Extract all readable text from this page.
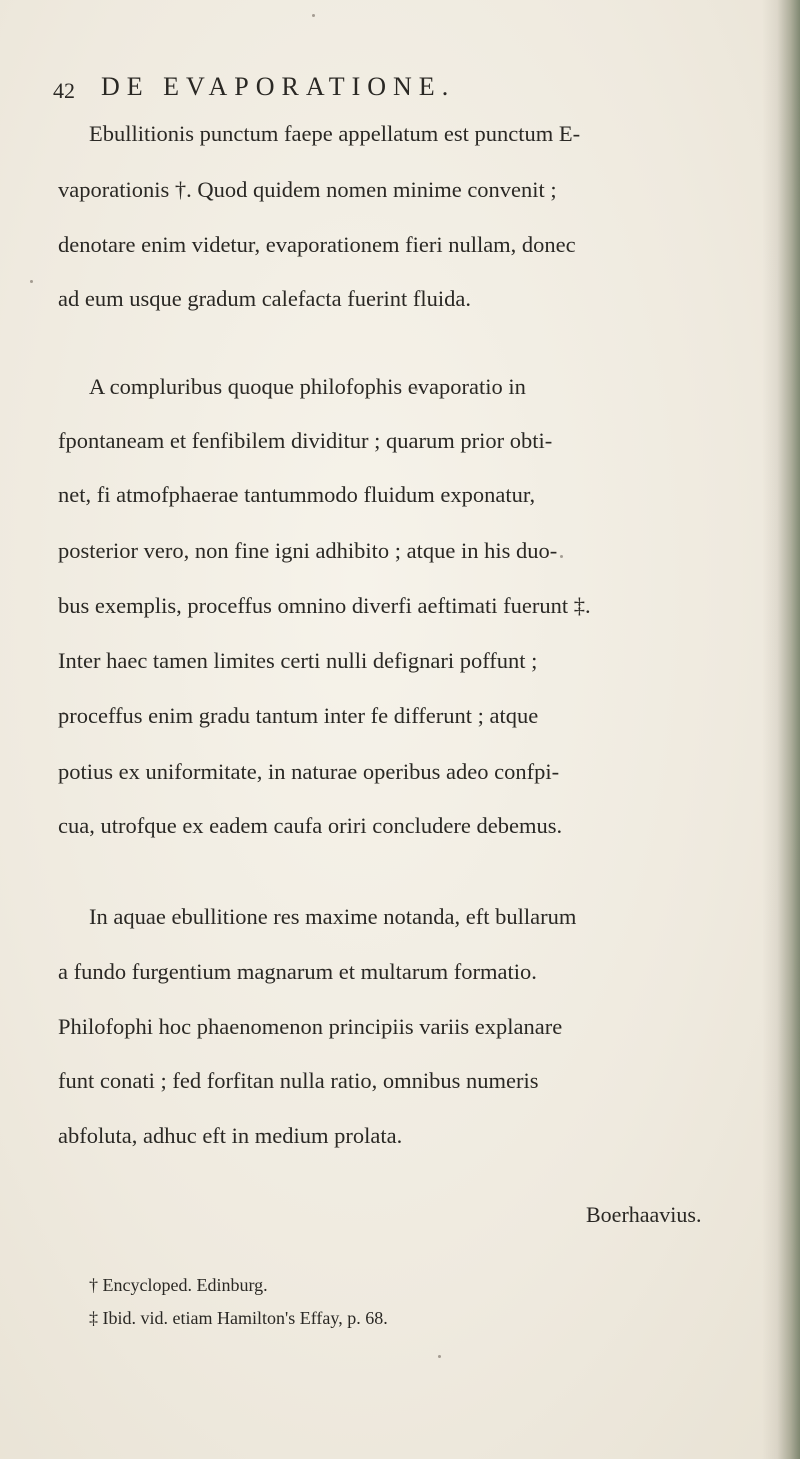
42 DE EVAPORATIONE.
Ebullitionis punctum faepe appellatum est punctum E-
vaporationis †. Quod quidem nomen minime convenit ;
denotare enim videtur, evaporationem fieri nullam, donec
ad eum usque gradum calefacta fuerint fluida.
A compluribus quoque philofophis evaporatio in
fpontaneam et fenfibilem dividitur ; quarum prior obti-
net, fi atmofphaerae tantummodo fluidum exponatur,
posterior vero, non fine igni adhibito ; atque in his duo-
bus exemplis, proceffus omnino diverfi aeftimati fuerunt ‡.
Inter haec tamen limites certi nulli defignari poffunt ;
proceffus enim gradu tantum inter fe differunt ; atque
potius ex uniformitate, in naturae operibus adeo confpi-
cua, utrofque ex eadem caufa oriri concludere debemus.
In aquae ebullitione res maxime notanda, eft bullarum
a fundo furgentium magnarum et multarum formatio.
Philofophi hoc phaenomenon principiis variis explanare
funt conati ; fed forfitan nulla ratio, omnibus numeris
abfoluta, adhuc eft in medium prolata.
Boerhaavius.
† Encycloped. Edinburg.
‡ Ibid. vid. etiam Hamilton's Effay, p. 68.
